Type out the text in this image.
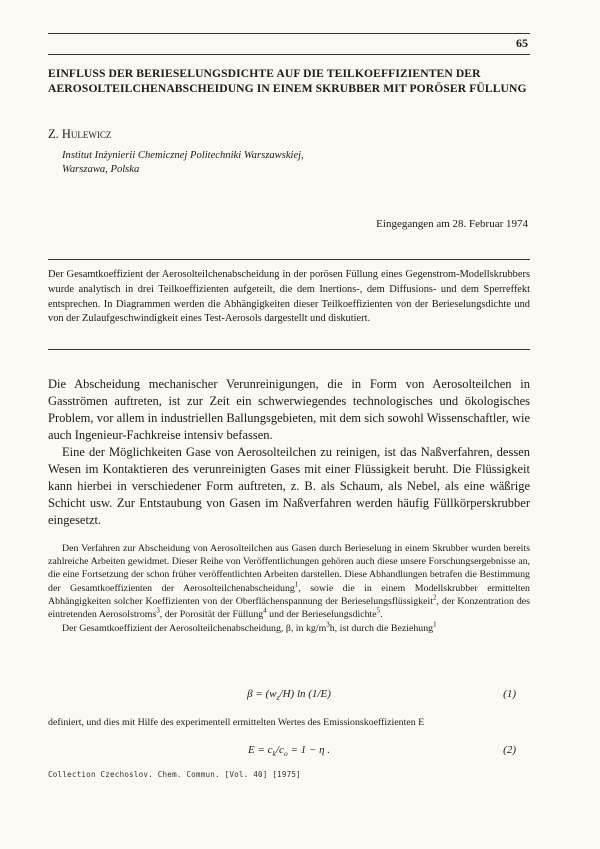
65
EINFLUSS DER BERIESELUNGSDICHTE AUF DIE TEILKOEFFIZIENTEN DER AEROSOLTEILCHENABSCHEIDUNG IN EINEM SKRUBBER MIT PORÖSER FÜLLUNG
Z. Hulewicz
Institut Inżynierii Chemicznej Politechniki Warszawskiej,
Warszawa, Polska
Eingegangen am 28. Februar 1974
Der Gesamtkoeffizient der Aerosolteilchenabscheidung in der porösen Füllung eines Gegenstrom-Modellskrubbers wurde analytisch in drei Teilkoeffizienten aufgeteilt, die dem Inertions-, dem Diffusions- und dem Sperreffekt entsprechen. In Diagrammen werden die Abhängigkeiten dieser Teilkoeffizienten von der Berieselungsdichte und von der Zulaufgeschwindigkeit eines Test-Aerosols dargestellt und diskutiert.

Die Abscheidung mechanischer Verunreinigungen, die in Form von Aerosolteilchen in Gasströmen auftreten, ist zur Zeit ein schwerwiegendes technologisches und ökologisches Problem, vor allem in industriellen Ballungsgebieten, mit dem sich sowohl Wissenschaftler, wie auch Ingenieur-Fachkreise intensiv befassen.

Eine der Möglichkeiten Gase von Aerosolteilchen zu reinigen, ist das Naßverfahren, dessen Wesen im Kontaktieren des verunreinigten Gases mit einer Flüssigkeit beruht. Die Flüssigkeit kann hierbei in verschiedener Form auftreten, z. B. als Schaum, als Nebel, als eine wäßrige Schicht usw. Zur Entstaubung von Gasen im Naßverfahren werden häufig Füllkörperskrubber eingesetzt.

Den Verfahren zur Abscheidung von Aerosolteilchen aus Gasen durch Berieselung in einem Skrubber wurden bereits zahlreiche Arbeiten gewidmet. Dieser Reihe von Veröffentlichungen gehören auch diese unsere Forschungsergebnisse an, die eine Fortsetzung der schon früher veröffentlichten Arbeiten darstellen. Diese Abhandlungen betrafen die Bestimmung der Gesamtkoeffizienten der Aerosolteilchenabscheidung$^1$, sowie die in einem Modellskrubber ermittelten Abhängigkeiten solcher Koeffizienten von der Oberflächenspannung der Berieselungsflüssigkeit$^2$, der Konzentration des eintretenden Aerosolstroms$^3$, der Porosität der Füllung$^4$ und der Berieselungsdichte$^5$.

Der Gesamtkoeffizient der Aerosolteilchenabscheidung, β, in $kg/m^3h$, ist durch die Beziehung$^1$

$\beta = (w_z/H)$ ln (1/E)	(1)
definiert, und dies mit Hilfe des experimentell ermittelten Wertes des Emissionskoeffizienten E
$E = c_k/c_o = 1 - \eta$ .	(2)
Collection Czechoslov. Chem. Commun. [Vol. 40] [1975]
